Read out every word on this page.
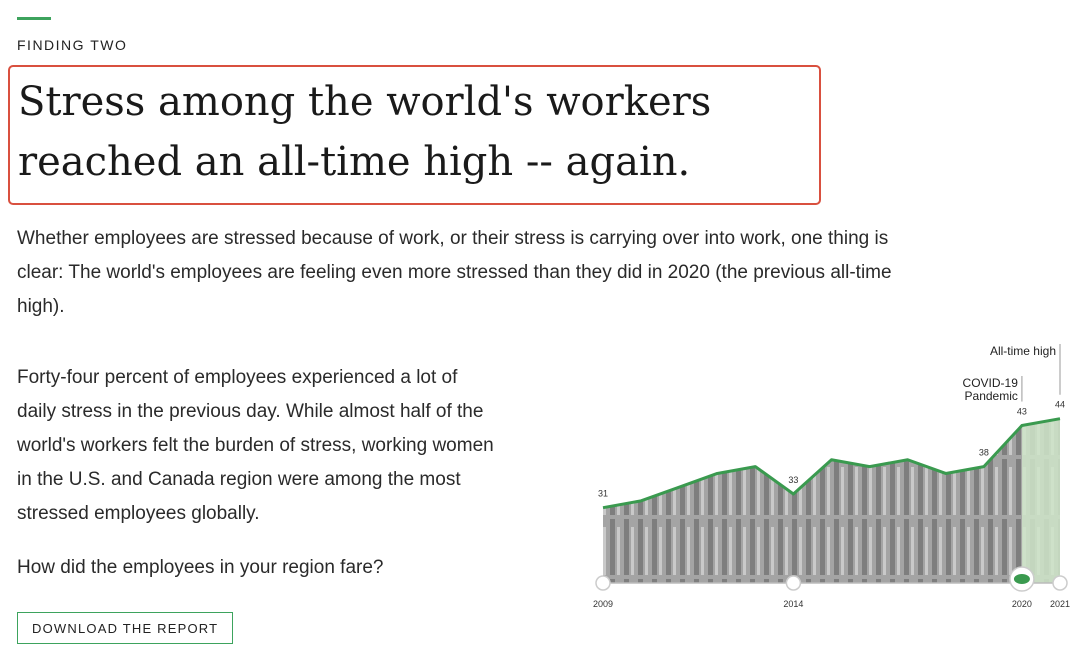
FINDING TWO
Stress among the world's workers reached an all-time high -- again.

Whether employees are stressed because of work, or their stress is carrying over into work, one thing is clear: The world's employees are feeling even more stressed than they did in 2020 (the previous all-time high).

Forty-four percent of employees experienced a lot of daily stress in the previous day. While almost half of the world's workers felt the burden of stress, working women in the U.S. and Canada region were among the most stressed employees globally.

How did the employees in your region fare?

DOWNLOAD THE REPORT
31
33
38
43
44
COVID-19
Pandemic
All-time high
2009	2014	2020 2021
